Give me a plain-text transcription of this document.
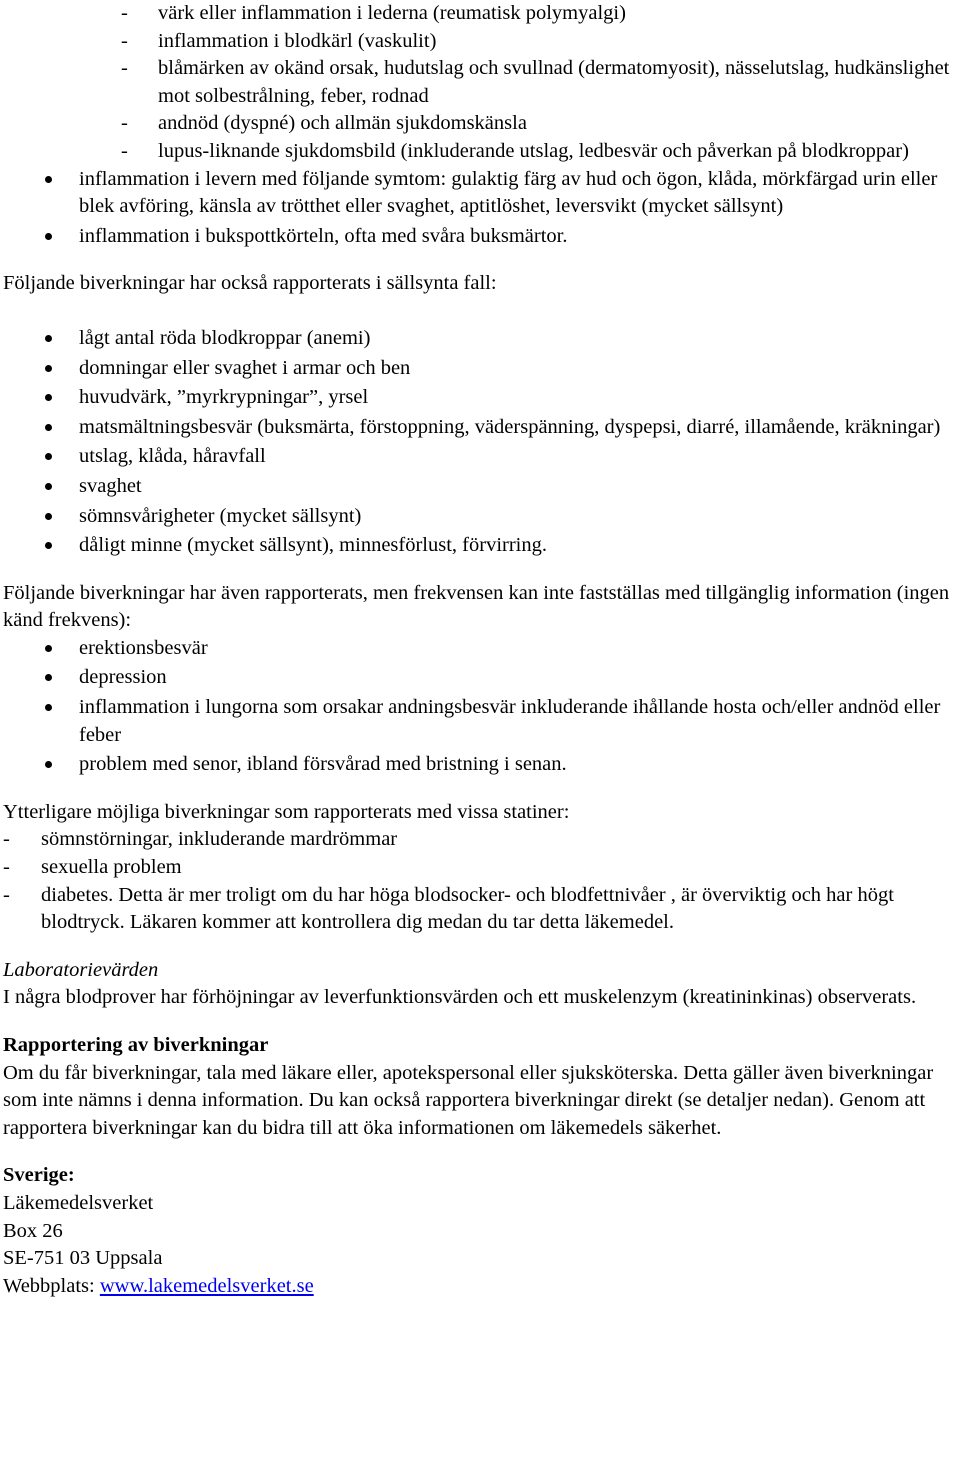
- värk eller inflammation i lederna (reumatisk polymyalgi)
- inflammation i blodkärl (vaskulit)
- blåmärken av okänd orsak, hudutslag och svullnad (dermatomyosit), nässelutslag, hudkänslighet mot solbestrålning, feber, rodnad
- andnöd (dyspné) och allmän sjukdomskänsla
- lupus-liknande sjukdomsbild (inkluderande utslag, ledbesvär och påverkan på blodkroppar)
inflammation i levern med följande symtom: gulaktig färg av hud och ögon, klåda, mörkfärgad urin eller blek avföring, känsla av trötthet eller svaghet, aptitlöshet, leversvikt (mycket sällsynt)
inflammation i bukspottkörteln, ofta med svåra buksmärtor.

Följande biverkningar har också rapporterats i sällsynta fall:

lågt antal röda blodkroppar (anemi)
domningar eller svaghet i armar och ben
huvudvärk, ”myrkrypningar”, yrsel
matsmältningsbesvär (buksmärta, förstoppning, väderspänning, dyspepsi, diarré, illamående, kräkningar)
utslag, klåda, håravfall
svaghet
sömnsvårigheter (mycket sällsynt)
dåligt minne (mycket sällsynt), minnesförlust, förvirring.

Följande biverkningar har även rapporterats, men frekvensen kan inte fastställas med tillgänglig information (ingen känd frekvens):

erektionsbesvär
depression
inflammation i lungorna som orsakar andningsbesvär inkluderande ihållande hosta och/eller andnöd eller feber
problem med senor, ibland försvårad med bristning i senan.

Ytterligare möjliga biverkningar som rapporterats med vissa statiner:

- sömnstörningar, inkluderande mardrömmar
- sexuella problem
- diabetes. Detta är mer troligt om du har höga blodsocker- och blodfettnivåer , är överviktig och har högt blodtryck. Läkaren kommer att kontrollera dig medan du tar detta läkemedel.

Laboratorievärden

I några blodprover har förhöjningar av leverfunktionsvärden och ett muskelenzym (kreatininkinas) observerats.

Rapportering av biverkningar

Om du får biverkningar, tala med läkare eller, apotekspersonal eller sjuksköterska. Detta gäller även biverkningar som inte nämns i denna information. Du kan också rapportera biverkningar direkt (se detaljer nedan). Genom att rapportera biverkningar kan du bidra till att öka informationen om läkemedels säkerhet.

Sverige:

Läkemedelsverket

Box 26

SE-751 03 Uppsala

Webbplats: www.lakemedelsverket.se
